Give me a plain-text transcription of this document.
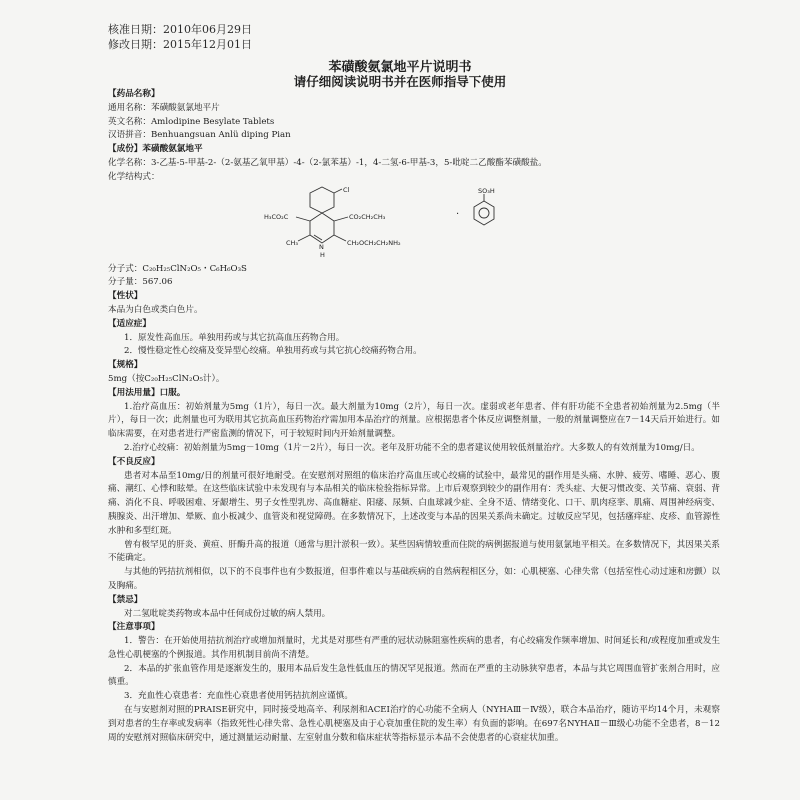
核准日期：2010年06月29日
修改日期：2015年12月01日
苯磺酸氨氯地平片说明书
请仔细阅读说明书并在医师指导下使用
【药品名称】
通用名称：苯磺酸氨氯地平片
英文名称：Amlodipine Besylate Tablets
汉语拼音：Benhuangsuan Anlü diping Pian
【成份】苯磺酸氨氯地平
化学名称：3-乙基-5-甲基-2-（2-氨基乙氧甲基）-4-（2-氯苯基）-1，4-二氢-6-甲基-3，5-吡啶二乙酸酯苯磺酸盐。
化学结构式：
Cl
H₃CO₂C	CO₂CH₂CH₃
CH₃	N
H
CH₂OCH₂CH₂NH₂
SO₃H
·
分子式：C₂₀H₂₅ClN₂O₅・C₆H₆O₃S
分子量：567.06
【性状】
本品为白色或类白色片。
【适应症】
1．原发性高血压。单独用药或与其它抗高血压药物合用。
2．慢性稳定性心绞痛及变异型心绞痛。单独用药或与其它抗心绞痛药物合用。
【规格】
5mg（按C₂₀H₂₅ClN₂O₅计）。
【用法用量】口服。
1.治疗高血压：初始剂量为5mg（1片），每日一次。最大剂量为10mg（2片），每日一次。虚弱或老年患者、伴有肝功能不全患者初始剂量为2.5mg（半片），每日一次；此剂量也可为联用其它抗高血压药物治疗需加用本品治疗的剂量。应根据患者个体反应调整剂量，一般的剂量调整应在7－14天后开始进行。如临床需要，在对患者进行严密监测的情况下，可于较短时间内开始剂量调整。
2.治疗心绞痛：初始剂量为5mg－10mg（1片－2片），每日一次。老年及肝功能不全的患者建议使用较低剂量治疗。大多数人的有效剂量为10mg/日。
【不良反应】
患者对本品至10mg/日的剂量可很好地耐受。在安慰剂对照组的临床治疗高血压或心绞痛的试验中，最常见的副作用是头痛、水肿、疲劳、嗜睡、恶心、腹痛、潮红、心悸和眩晕。在这些临床试验中未发现有与本品相关的临床检验指标异常。上市后观察到较少的副作用有：秃头症、大便习惯改变、关节痛、衰弱、背痛、消化不良、呼吸困难、牙龈增生、男子女性型乳房、高血糖症、阳痿、尿频、白血球减少症、全身不适、情绪变化、口干、肌肉痉挛、肌痛、周围神经病变、胰腺炎、出汗增加、晕厥、血小板减少、血管炎和视觉障碍。在多数情况下，上述改变与本品的因果关系尚未确定。过敏反应罕见，包括瘙痒症、皮疹、血管源性水肿和多型红斑。
曾有极罕见的肝炎、黄疸、肝酶升高的报道（通常与胆汁淤积一致）。某些因病情较重而住院的病例据报道与使用氨氯地平相关。在多数情况下，其因果关系不能确定。
与其他的钙拮抗剂相似，以下的不良事件也有少数报道，但事件难以与基础疾病的自然病程相区分，如：心肌梗塞、心律失常（包括室性心动过速和房颤）以及胸痛。
【禁忌】
对二氢吡啶类药物或本品中任何成份过敏的病人禁用。
【注意事项】
1．警告：在开始使用拮抗剂治疗或增加剂量时，尤其是对那些有严重的冠状动脉阻塞性疾病的患者，有心绞痛发作频率增加、时间延长和/或程度加重或发生急性心肌梗塞的个例报道。其作用机制目前尚不清楚。
2．本品的扩张血管作用是逐渐发生的，服用本品后发生急性低血压的情况罕见报道。然而在严重的主动脉狭窄患者，本品与其它周围血管扩张剂合用时，应慎重。
3．充血性心衰患者：充血性心衰患者使用钙拮抗剂应谨慎。
在与安慰剂对照的PRAISE研究中，同时接受地高辛、利尿剂和ACEI治疗的心功能不全病人（NYHAⅢ－Ⅳ级），联合本品治疗，随访平均14个月，未观察到对患者的生存率或发病率（指致死性心律失常、急性心肌梗塞及由于心衰加重住院的发生率）有负面的影响。在697名NYHAⅡ－Ⅲ级心功能不全患者，8－12周的安慰剂对照临床研究中，通过测量运动耐量、左室射血分数和临床症状等指标显示本品不会使患者的心衰症状加重。
